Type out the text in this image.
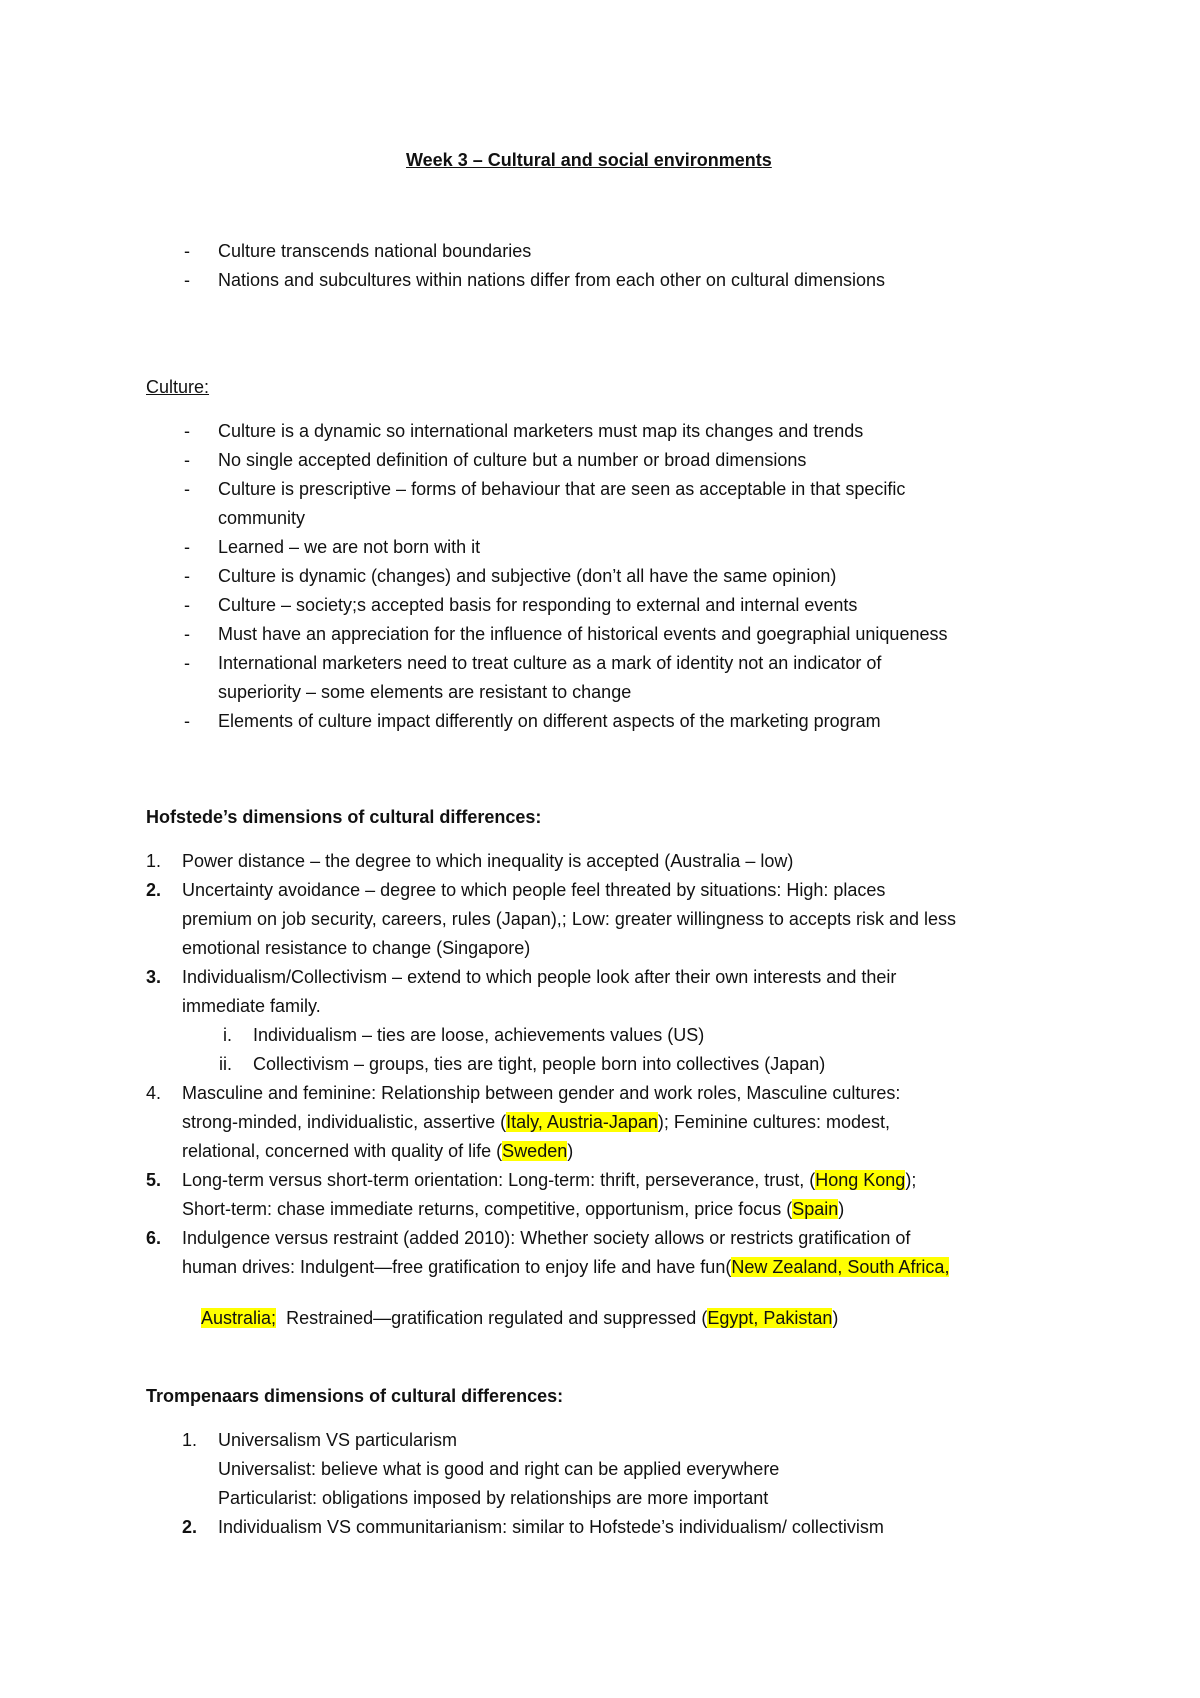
Week 3 – Cultural and social environments
- Culture transcends national boundaries
- Nations and subcultures within nations differ from each other on cultural dimensions
Culture:
- Culture is a dynamic so international marketers must map its changes and trends
- No single accepted definition of culture but a number or broad dimensions
- Culture is prescriptive – forms of behaviour that are seen as acceptable in that specific
community
- Learned – we are not born with it
- Culture is dynamic (changes) and subjective (don’t all have the same opinion)
- Culture – society;s accepted basis for responding to external and internal events
- Must have an appreciation for the influence of historical events and goegraphial uniqueness
- International marketers need to treat culture as a mark of identity not an indicator of
superiority – some elements are resistant to change
- Elements of culture impact differently on different aspects of the marketing program
Hofstede’s dimensions of cultural differences:
1. Power distance – the degree to which inequality is accepted (Australia – low)
2. Uncertainty avoidance – degree to which people feel threated by situations: High: places
premium on job security, careers, rules (Japan),; Low: greater willingness to accepts risk and less
emotional resistance to change (Singapore)
3. Individualism/Collectivism – extend to which people look after their own interests and their
immediate family.
i. Individualism – ties are loose, achievements values (US)
ii. Collectivism – groups, ties are tight, people born into collectives (Japan)
4. Masculine and feminine: Relationship between gender and work roles, Masculine cultures:
strong-minded, individualistic, assertive (Italy, Austria-Japan); Feminine cultures: modest,
relational, concerned with quality of life (Sweden)
5. Long-term versus short-term orientation: Long-term: thrift, perseverance, trust, (Hong Kong);
Short-term: chase immediate returns, competitive, opportunism, price focus (Spain)
6. Indulgence versus restraint (added 2010): Whether society allows or restricts gratification of
human drives: Indulgent—free gratification to enjoy life and have fun(New Zealand, South Africa,

Australia;  Restrained—gratification regulated and suppressed (Egypt, Pakistan)

Trompenaars dimensions of cultural differences:
1. Universalism VS particularism
Universalist: believe what is good and right can be applied everywhere
Particularist: obligations imposed by relationships are more important
2. Individualism VS communitarianism: similar to Hofstede’s individualism/ collectivism
